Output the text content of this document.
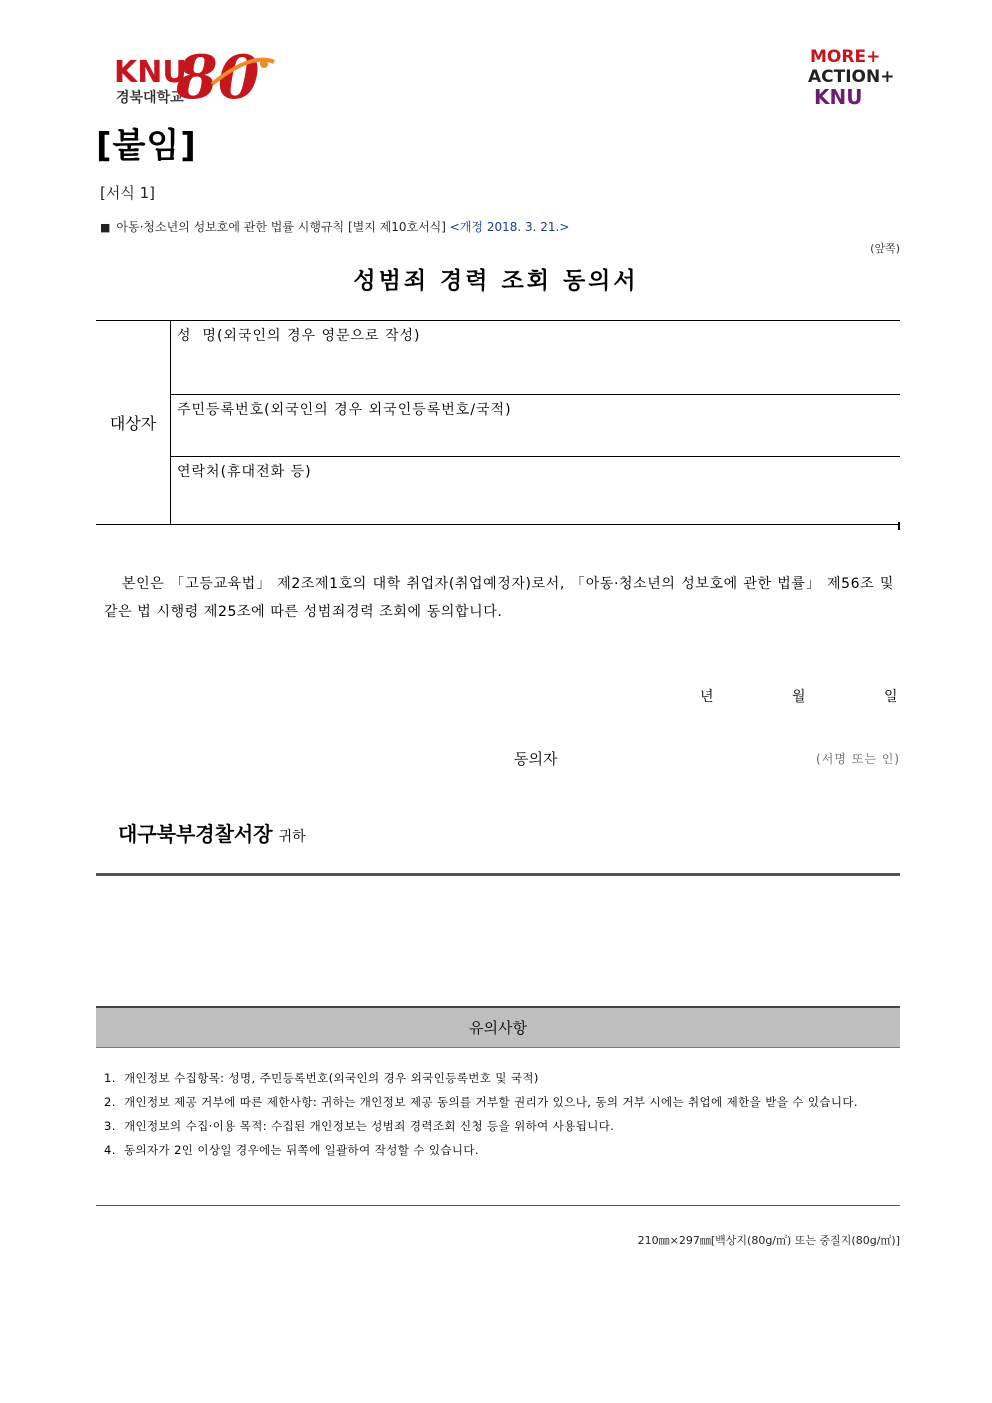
KNU
경북대학교
80	MORE+
ACTION+
KNU
[붙임]
[서식 1]
■ 아동·청소년의 성보호에 관한 법률 시행규칙 [별지 제10호서식] <개정 2018. 3. 21.>
(앞쪽)
성범죄 경력 조회 동의서
대상자
성  명(외국인의 경우 영문으로 작성)
주민등록번호(외국인의 경우 외국인등록번호/국적)
연락처(휴대전화 등)

본인은 「고등교육법」 제2조제1호의 대학 취업자(취업예정자)로서, 「아동·청소년의 성보호에 관한 법률」 제56조 및 같은 법 시행령 제25조에 따른 성범죄경력 조회에 동의합니다.

년	월	일
동의자	(서명 또는 인)
대구북부경찰서장 귀하
유의사항
1. 개인정보 수집항목: 성명, 주민등록번호(외국인의 경우 외국인등록번호 및 국적)
2. 개인정보 제공 거부에 따른 제한사항: 귀하는 개인정보 제공 동의를 거부할 권리가 있으나, 동의 거부 시에는 취업에 제한을 받을 수 있습니다.
3. 개인정보의 수집·이용 목적: 수집된 개인정보는 성범죄 경력조회 신청 등을 위하여 사용됩니다.
4. 동의자가 2인 이상일 경우에는 뒤쪽에 일괄하여 작성할 수 있습니다.
210㎜×297㎜[백상지(80g/㎡) 또는 중질지(80g/㎡)]
